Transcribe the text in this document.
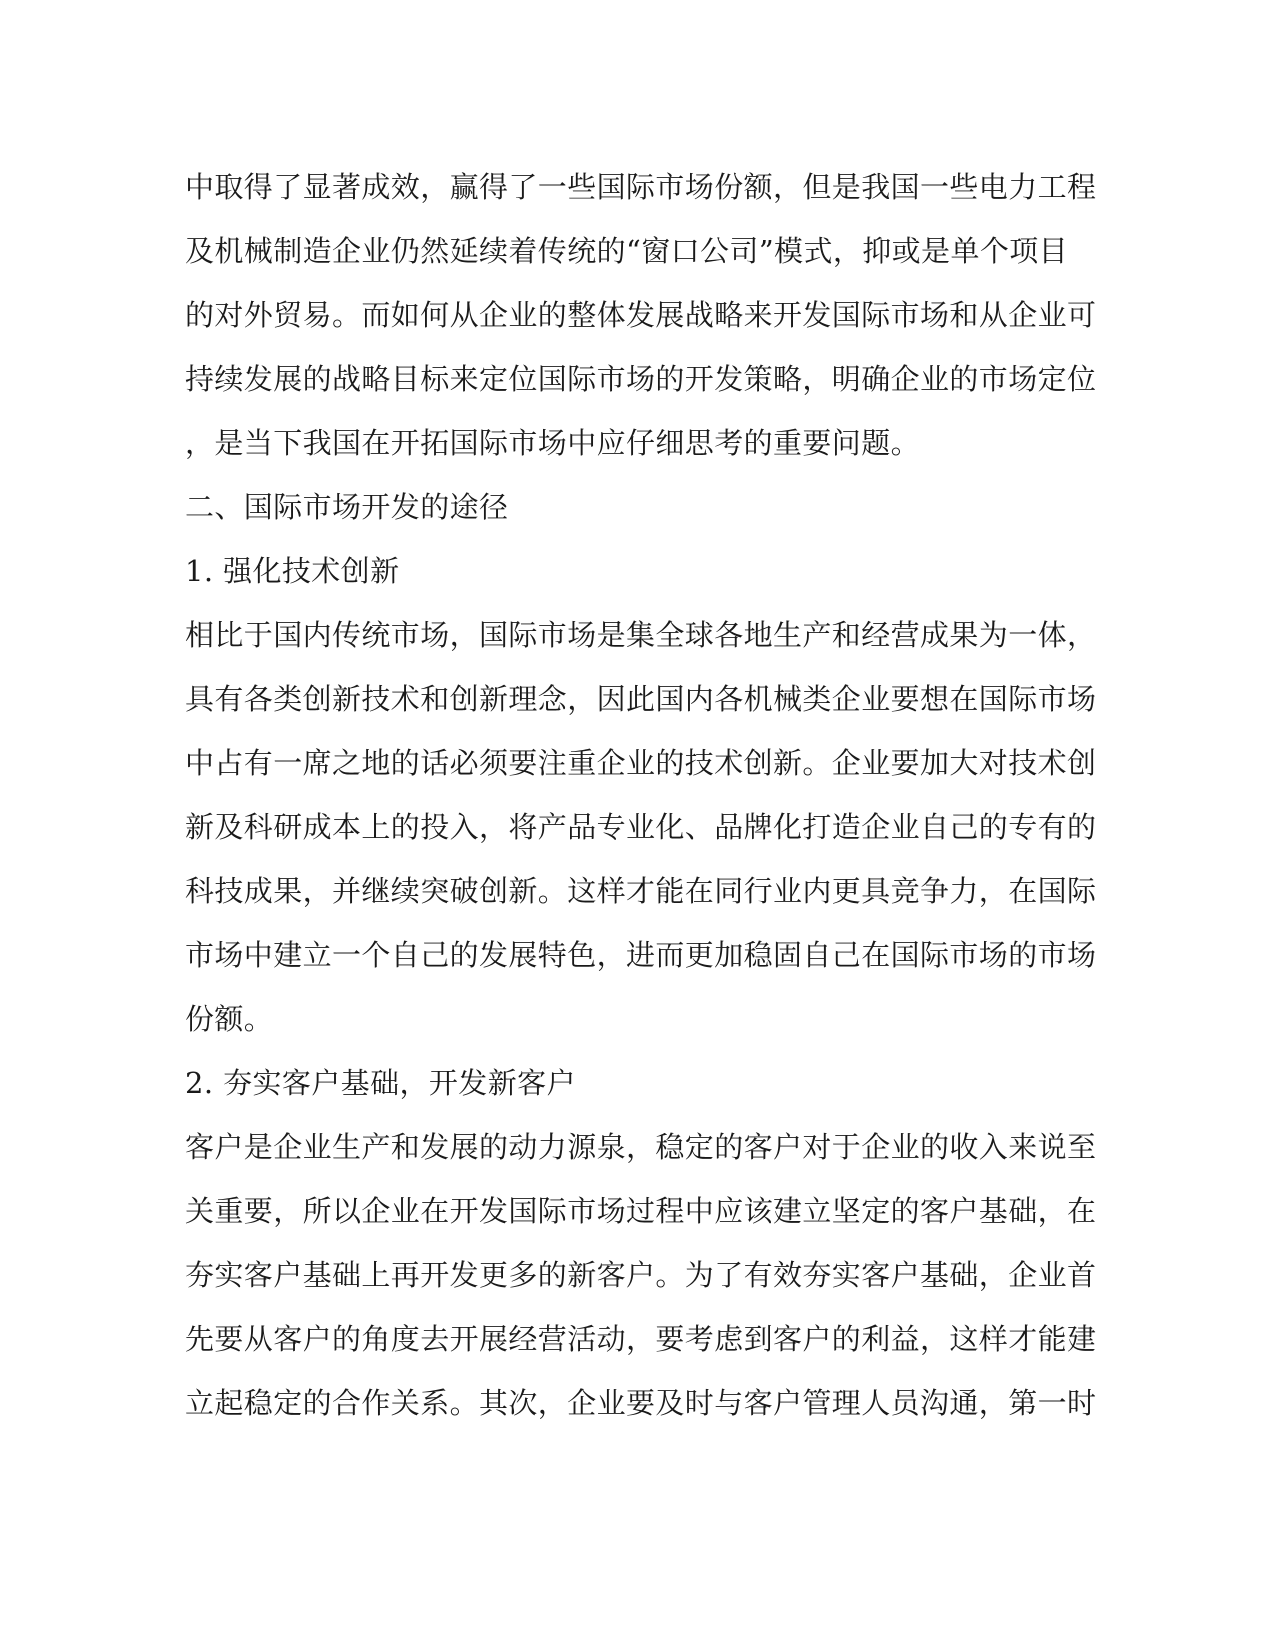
中取得了显著成效，赢得了一些国际市场份额，但是我国一些电力工程
及机械制造企业仍然延续着传统的“窗口公司”模式，抑或是单个项目
的对外贸易。而如何从企业的整体发展战略来开发国际市场和从企业可
持续发展的战略目标来定位国际市场的开发策略，明确企业的市场定位
，是当下我国在开拓国际市场中应仔细思考的重要问题。
二、国际市场开发的途径
1. 强化技术创新
相比于国内传统市场，国际市场是集全球各地生产和经营成果为一体，
具有各类创新技术和创新理念，因此国内各机械类企业要想在国际市场
中占有一席之地的话必须要注重企业的技术创新。企业要加大对技术创
新及科研成本上的投入，将产品专业化、品牌化打造企业自己的专有的
科技成果，并继续突破创新。这样才能在同行业内更具竞争力，在国际
市场中建立一个自己的发展特色，进而更加稳固自己在国际市场的市场
份额。
2. 夯实客户基础，开发新客户
客户是企业生产和发展的动力源泉，稳定的客户对于企业的收入来说至
关重要，所以企业在开发国际市场过程中应该建立坚定的客户基础，在
夯实客户基础上再开发更多的新客户。为了有效夯实客户基础，企业首
先要从客户的角度去开展经营活动，要考虑到客户的利益，这样才能建
立起稳定的合作关系。其次，企业要及时与客户管理人员沟通，第一时
